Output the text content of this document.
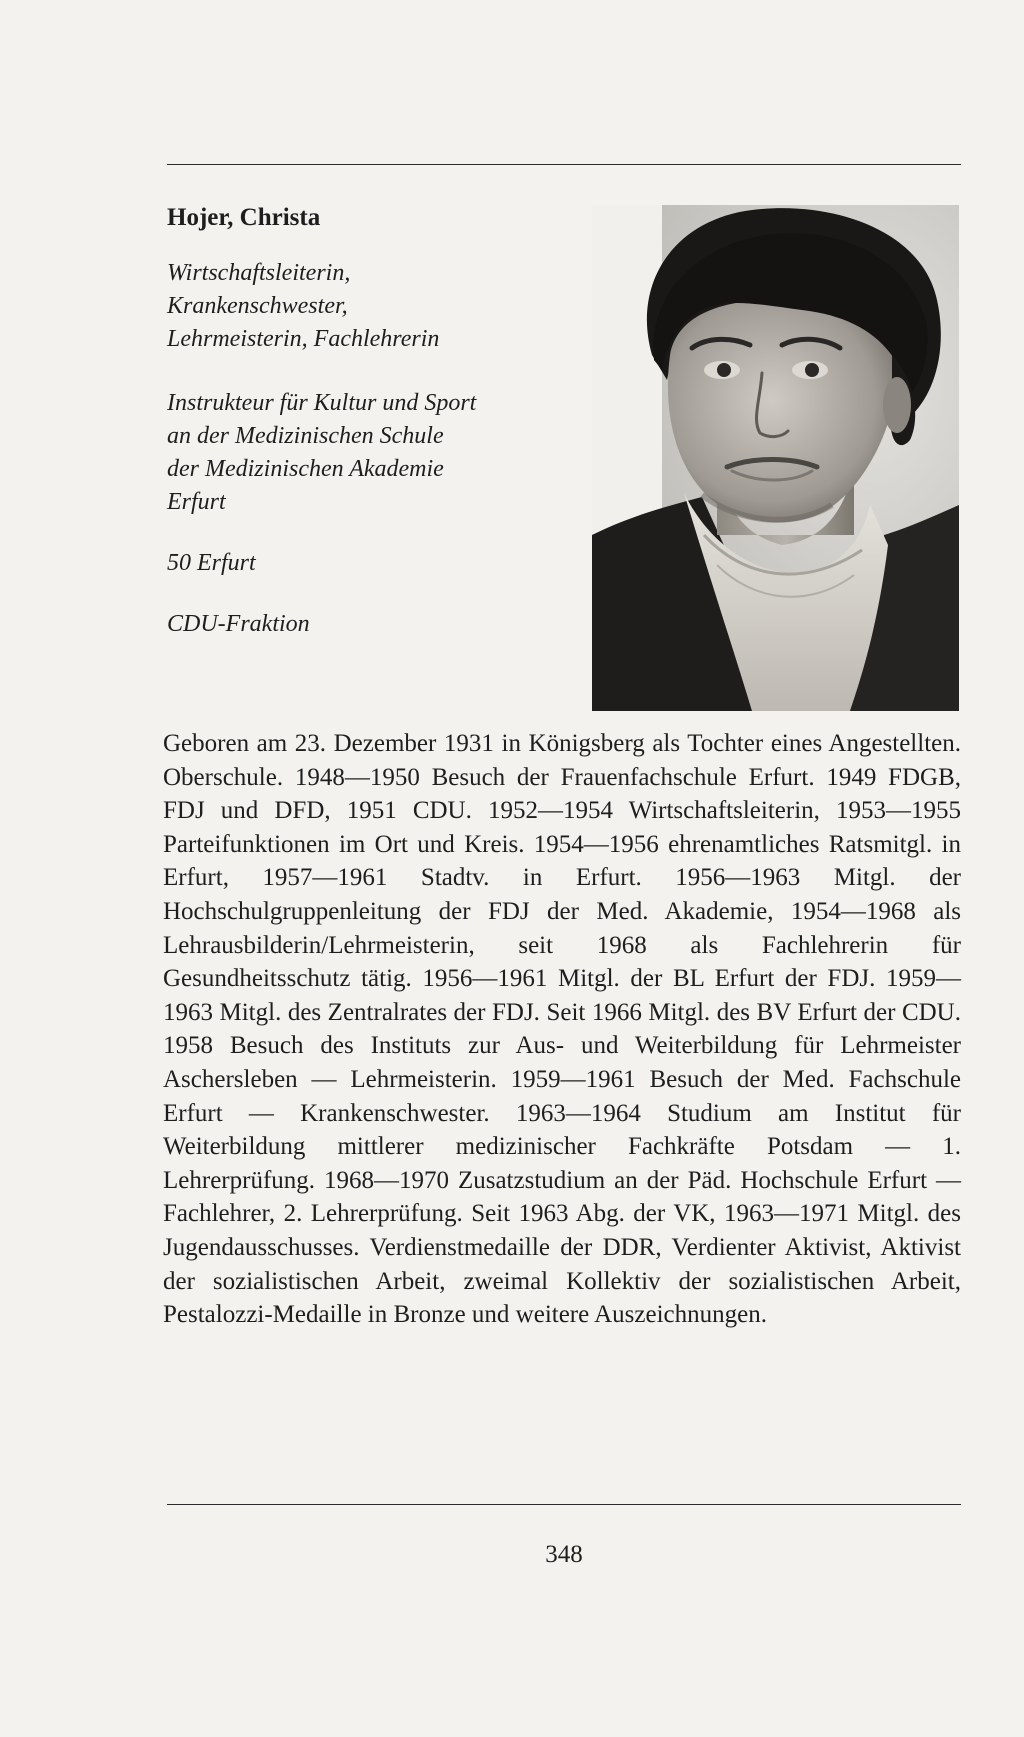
Hojer, Christa
Wirtschaftsleiterin,
Krankenschwester,
Lehrmeisterin, Fachlehrerin
Instrukteur für Kultur und Sport
an der Medizinischen Schule
der Medizinischen Akademie
Erfurt
50 Erfurt
CDU-Fraktion
Geboren am 23. Dezember 1931 in Königsberg als Tochter eines Angestellten. Oberschule. 1948—1950 Besuch der Frauenfachschule Erfurt. 1949 FDGB, FDJ und DFD, 1951 CDU. 1952—1954 Wirtschaftsleiterin, 1953—1955 Parteifunktionen im Ort und Kreis. 1954—1956 ehrenamtliches Ratsmitgl. in Erfurt, 1957—1961 Stadtv. in Erfurt. 1956—1963 Mitgl. der Hochschulgruppenleitung der FDJ der Med. Akademie, 1954—1968 als Lehrausbilderin/Lehrmeisterin, seit 1968 als Fachlehrerin für Gesundheitsschutz tätig. 1956—1961 Mitgl. der BL Erfurt der FDJ. 1959—1963 Mitgl. des Zentralrates der FDJ. Seit 1966 Mitgl. des BV Erfurt der CDU. 1958 Besuch des Instituts zur Aus- und Weiterbildung für Lehrmeister Aschersleben — Lehrmeisterin. 1959—1961 Besuch der Med. Fachschule Erfurt — Krankenschwester. 1963—1964 Studium am Institut für Weiterbildung mittlerer medizinischer Fachkräfte Potsdam — 1. Lehrerprüfung. 1968—1970 Zusatzstudium an der Päd. Hochschule Erfurt — Fachlehrer, 2. Lehrerprüfung. Seit 1963 Abg. der VK, 1963—1971 Mitgl. des Jugendausschusses. Verdienstmedaille der DDR, Verdienter Aktivist, Aktivist der sozialistischen Arbeit, zweimal Kollektiv der sozialistischen Arbeit, Pestalozzi-Medaille in Bronze und weitere Auszeichnungen.
348
